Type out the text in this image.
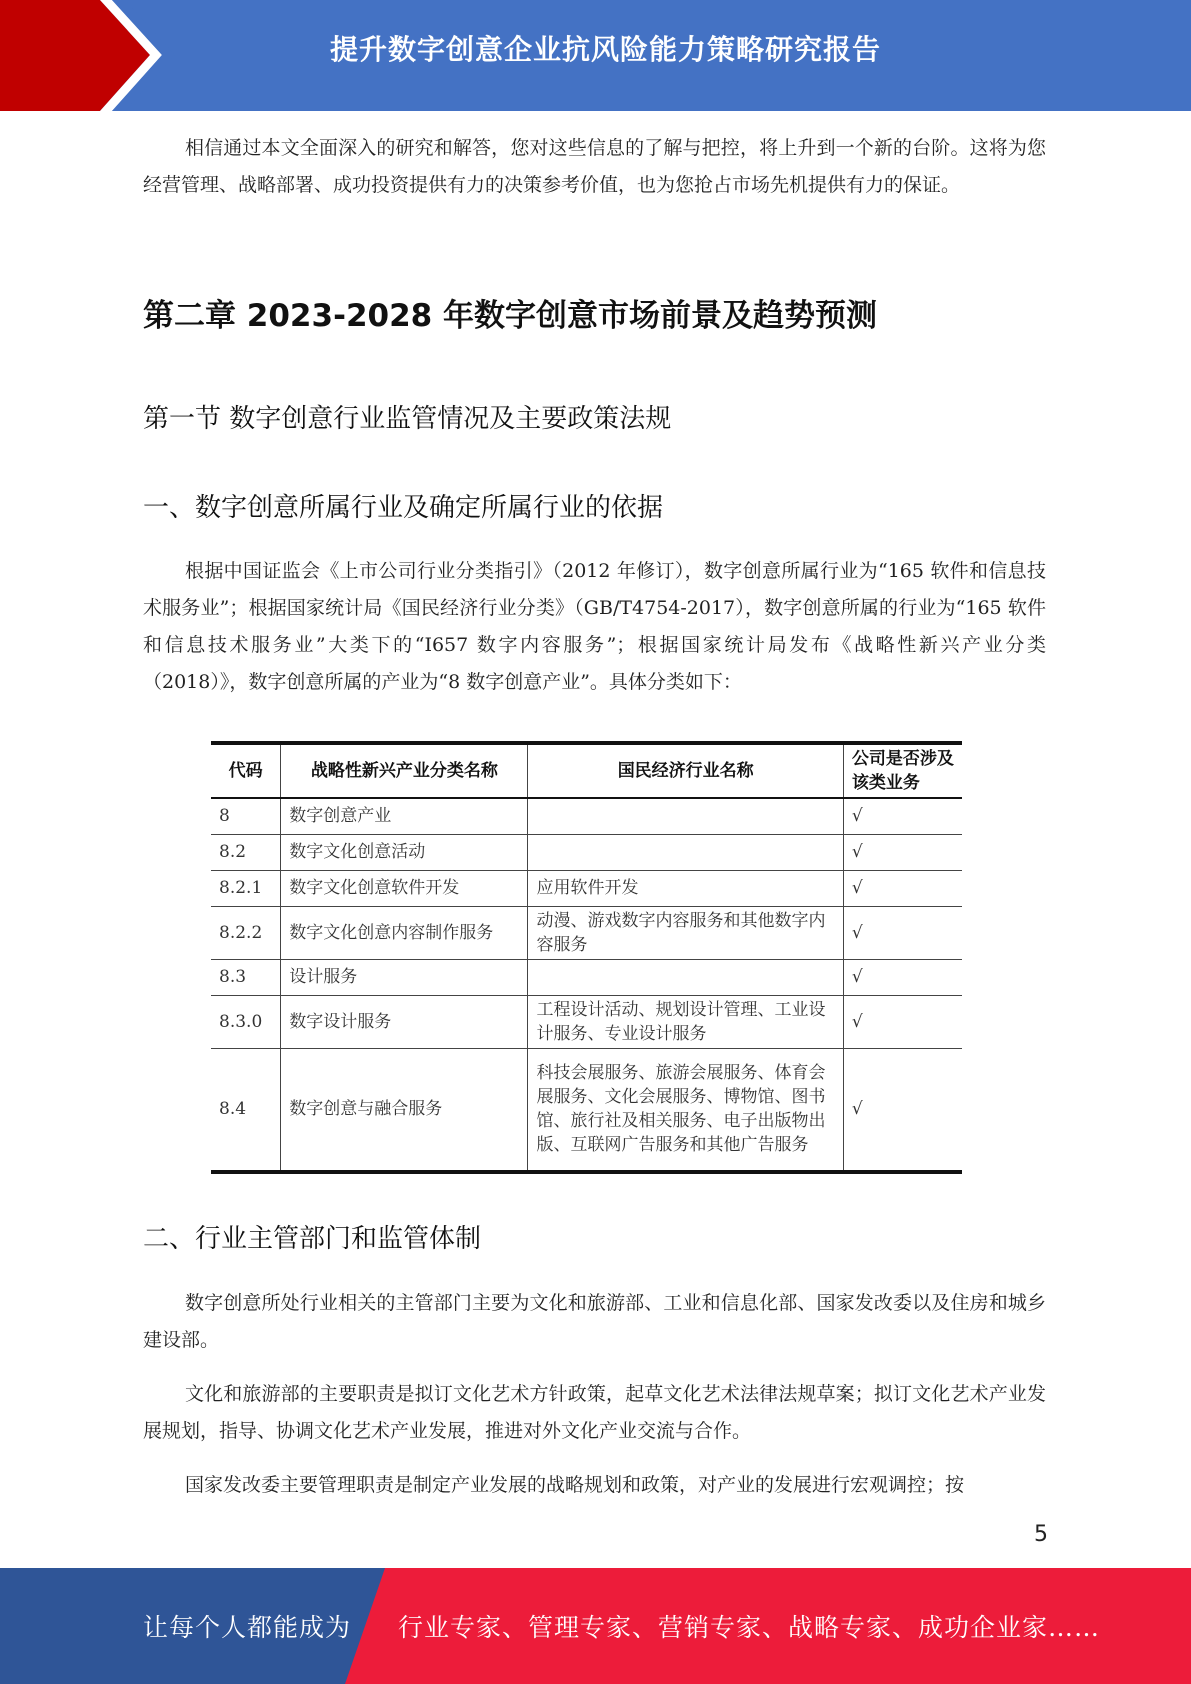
提升数字创意企业抗风险能力策略研究报告

相信通过本文全面深入的研究和解答，您对这些信息的了解与把控，将上升到一个新的台阶。这将为您经营管理、战略部署、成功投资提供有力的决策参考价值，也为您抢占市场先机提供有力的保证。

第二章 2023-2028 年数字创意市场前景及趋势预测
第一节 数字创意行业监管情况及主要政策法规
一、数字创意所属行业及确定所属行业的依据

根据中国证监会《上市公司行业分类指引》（2012 年修订），数字创意所属行业为“165 软件和信息技术服务业”；根据国家统计局《国民经济行业分类》（GB/T4754-2017），数字创意所属的行业为“165 软件和信息技术服务业”大类下的“I657 数字内容服务”；根据国家统计局发布《战略性新兴产业分类（2018）》，数字创意所属的产业为“8 数字创意产业”。具体分类如下：

代码	战略性新兴产业分类名称	国民经济行业名称	公司是否涉及该类业务
8	数字创意产业		√
8.2	数字文化创意活动		√
8.2.1	数字文化创意软件开发	应用软件开发	√
8.2.2	数字文化创意内容制作服务	动漫、游戏数字内容服务和其他数字内容服务	√
8.3	设计服务		√
8.3.0	数字设计服务	工程设计活动、规划设计管理、工业设计服务、专业设计服务	√
8.4	数字创意与融合服务	科技会展服务、旅游会展服务、体育会展服务、文化会展服务、博物馆、图书馆、旅行社及相关服务、电子出版物出版、互联网广告服务和其他广告服务	√
二、行业主管部门和监管体制

数字创意所处行业相关的主管部门主要为文化和旅游部、工业和信息化部、国家发改委以及住房和城乡建设部。

文化和旅游部的主要职责是拟订文化艺术方针政策，起草文化艺术法律法规草案；拟订文化艺术产业发展规划，指导、协调文化艺术产业发展，推进对外文化产业交流与合作。

国家发改委主要管理职责是制定产业发展的战略规划和政策，对产业的发展进行宏观调控；按

5
让每个人都能成为 行业专家、管理专家、营销专家、战略专家、成功企业家……
